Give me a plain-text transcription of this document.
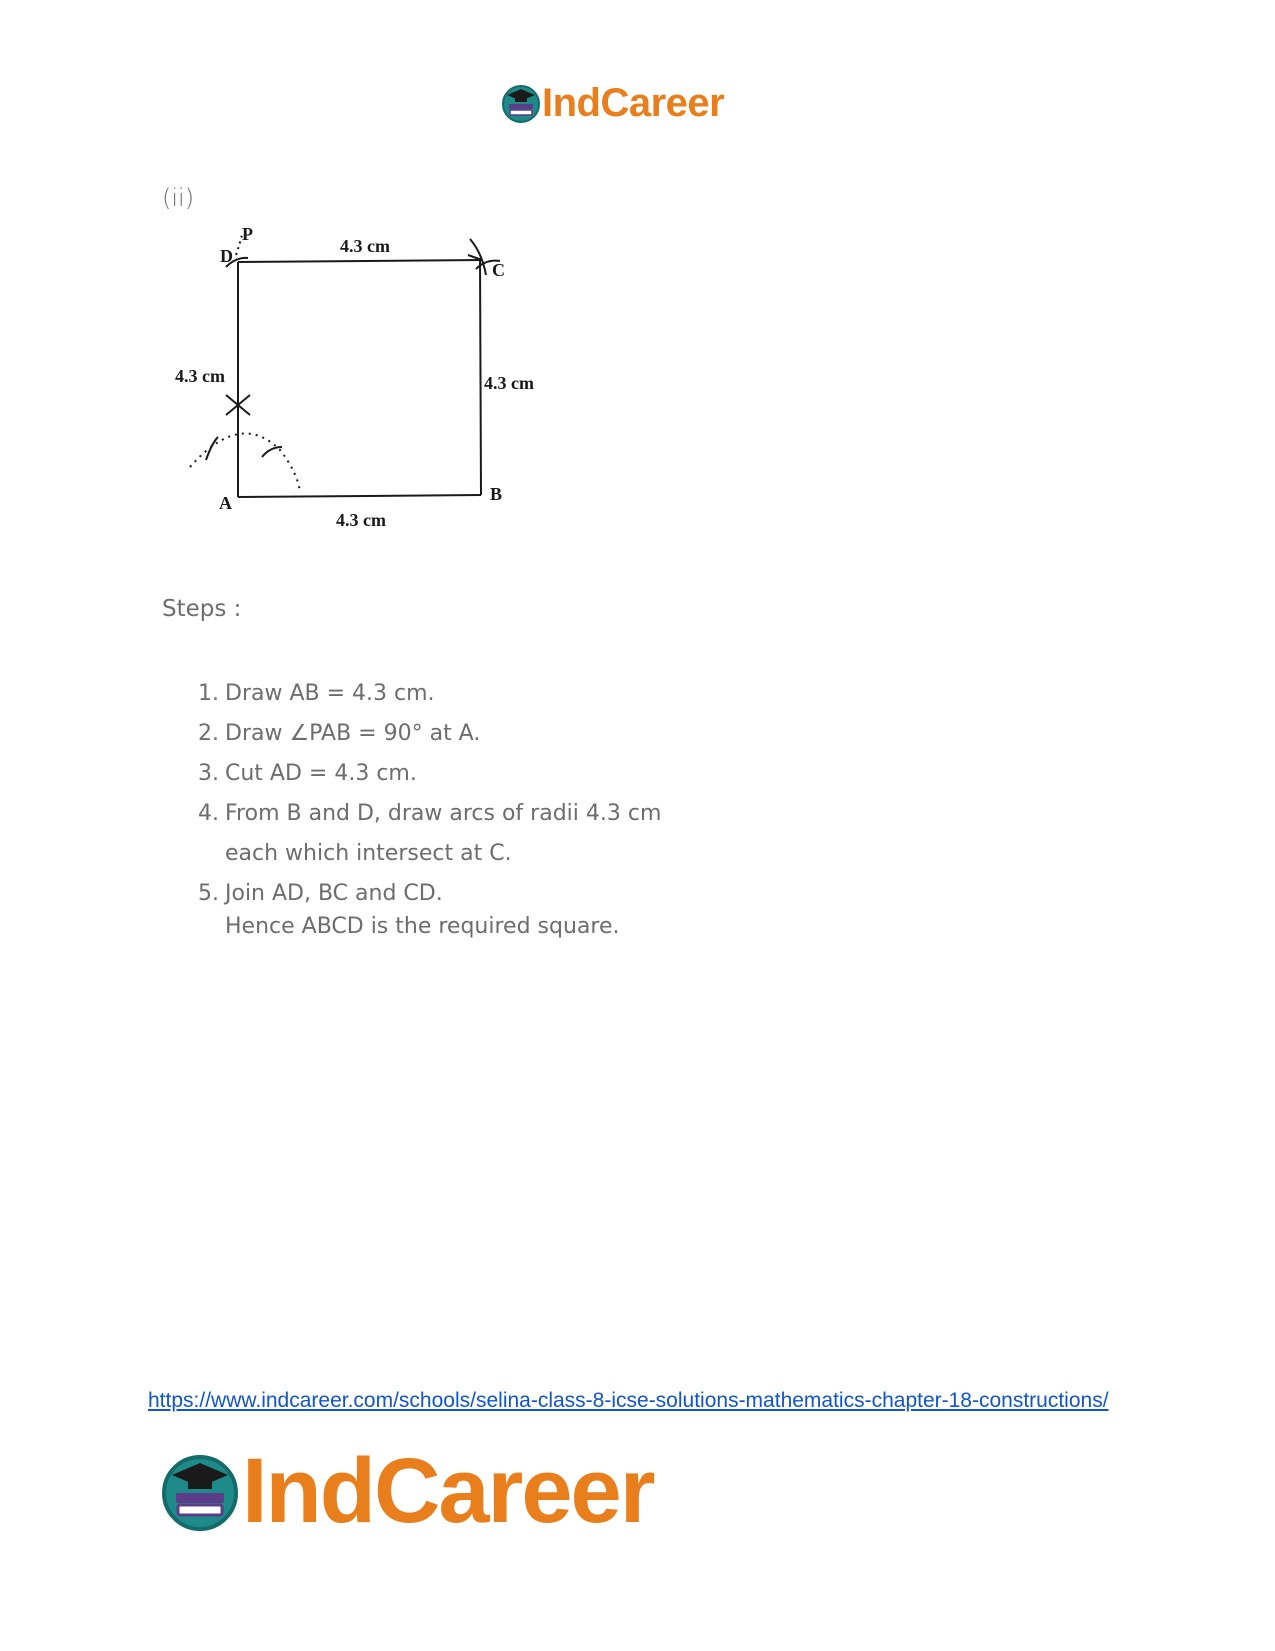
IndCareer
(ii)
P
D
C
A	B
4.3 cm
4.3 cm	4.3 cm
4.3 cm
Steps :
1. Draw AB = 4.3 cm.
2. Draw ∠PAB = 90° at A.
3. Cut AD = 4.3 cm.
4. From B and D, draw arcs of radii 4.3 cm
each which intersect at C.
5. Join AD, BC and CD.
Hence ABCD is the required square.
https://www.indcareer.com/schools/selina-class-8-icse-solutions-mathematics-chapter-18-constructions/
IndCareer
